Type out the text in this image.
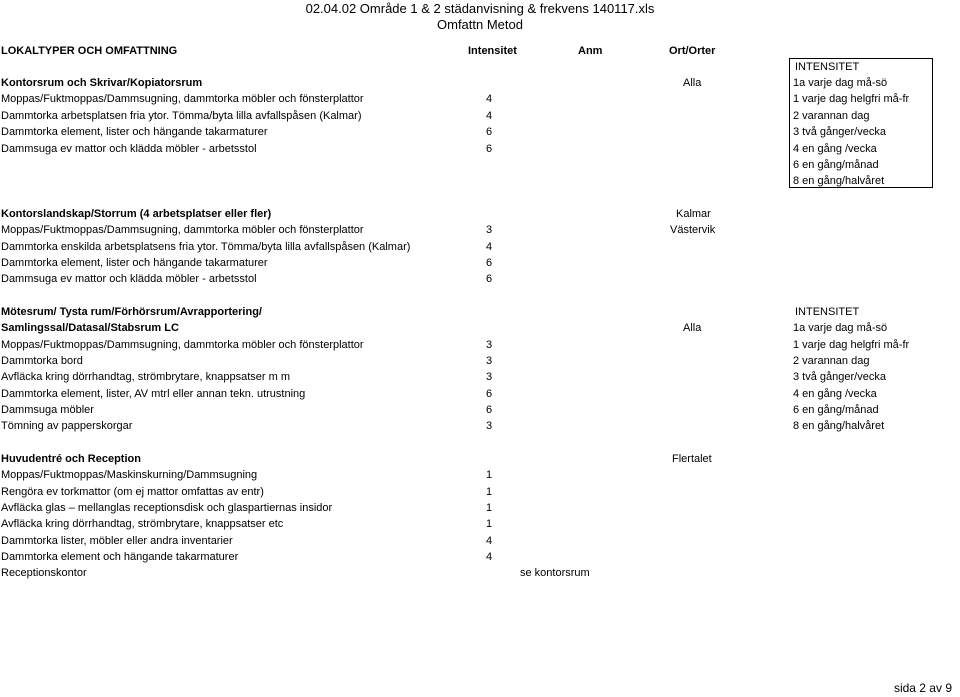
02.04.02 Område 1 & 2 städanvisning & frekvens 140117.xls
Omfattn Metod
LOKALTYPER OCH OMFATTNING	Intensitet	Anm	Ort/Orter
INTENSITET
1a varje dag må-sö
1 varje dag helgfri må-fr
2 varannan dag
3 två gånger/vecka
4 en gång /vecka
6 en gång/månad
8 en gång/halvåret
Kontorsrum och Skrivar/Kopiatorsrum	Alla
Moppas/Fuktmoppas/Dammsugning, dammtorka möbler och fönsterplattor	4
Dammtorka arbetsplatsen fria ytor. Tömma/byta lilla avfallspåsen (Kalmar)	4
Dammtorka element, lister och hängande takarmaturer	6
Dammsuga ev mattor och klädda möbler - arbetsstol	6
Kontorslandskap/Storrum (4 arbetsplatser eller fler)	Kalmar
Moppas/Fuktmoppas/Dammsugning, dammtorka möbler och fönsterplattor	3	Västervik
Dammtorka enskilda arbetsplatsens fria ytor. Tömma/byta lilla avfallspåsen (Kalmar)	4
Dammtorka element, lister och hängande takarmaturer	6
Dammsuga ev mattor och klädda möbler - arbetsstol	6
Mötesrum/ Tysta rum/Förhörsrum/Avrapportering/	INTENSITET
Samlingssal/Datasal/Stabsrum LC	Alla	1a varje dag må-sö
Moppas/Fuktmoppas/Dammsugning, dammtorka möbler och fönsterplattor	3	1 varje dag helgfri må-fr
Dammtorka bord	3	2 varannan dag
Avfläcka kring dörrhandtag, strömbrytare, knappsatser m m	3	3 två gånger/vecka
Dammtorka element, lister, AV mtrl eller annan tekn. utrustning	6	4 en gång /vecka
Dammsuga möbler	6	6 en gång/månad
Tömning av papperskorgar	3	8 en gång/halvåret
Huvudentré och Reception	Flertalet
Moppas/Fuktmoppas/Maskinskurning/Dammsugning	1
Rengöra ev torkmattor (om ej mattor omfattas av entr)	1
Avfläcka glas – mellanglas receptionsdisk och glaspartiernas insidor	1
Avfläcka kring dörrhandtag, strömbrytare, knappsatser etc	1
Dammtorka lister, möbler eller andra inventarier	4
Dammtorka element och hängande takarmaturer	4
Receptionskontor	se kontorsrum
sida 2 av 9
